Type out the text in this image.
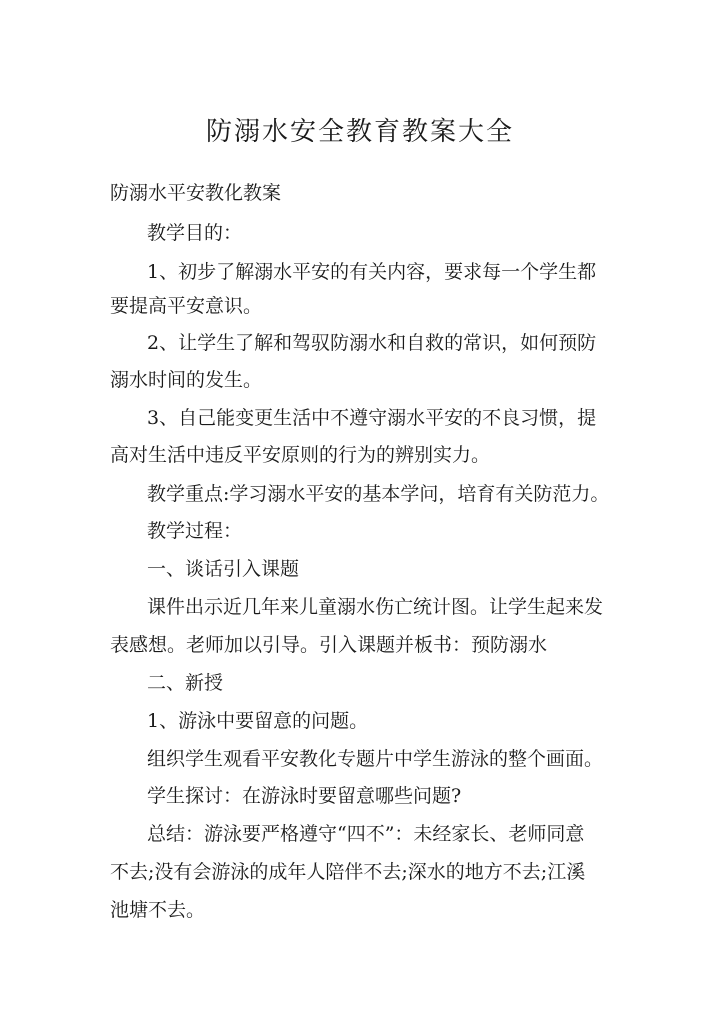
防溺水安全教育教案大全

防溺水平安教化教案

教学目的：

1、初步了解溺水平安的有关内容，要求每一个学生都

要提高平安意识。

2、让学生了解和驾驭防溺水和自救的常识，如何预防

溺水时间的发生。

3、自己能变更生活中不遵守溺水平安的不良习惯，提

高对生活中违反平安原则的行为的辨别实力。

教学重点:学习溺水平安的基本学问，培育有关防范力。

教学过程：

一、谈话引入课题

课件出示近几年来儿童溺水伤亡统计图。让学生起来发

表感想。老师加以引导。引入课题并板书：预防溺水

二、新授

1、游泳中要留意的问题。

组织学生观看平安教化专题片中学生游泳的整个画面。

学生探讨：在游泳时要留意哪些问题?

总结：游泳要严格遵守“四不”：未经家长、老师同意

不去;没有会游泳的成年人陪伴不去;深水的地方不去;江溪

池塘不去。
